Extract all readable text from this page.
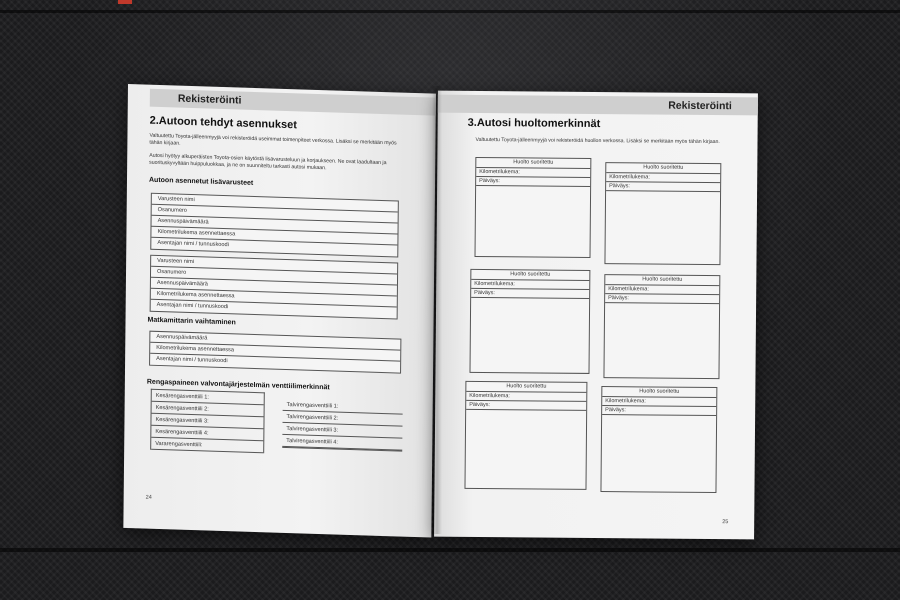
Rekisteröinti
2.Autoon tehdyt asennukset
Valtuutettu Toyota-jälleenmyyjä voi rekisteröidä useimmat toimenpiteet verkossa. Lisäksi se merkitään myös tähän kirjaan.
Autosi hyötyy alkuperäisten Toyota-osien käytöstä lisävarusteluun ja korjaukseen. Ne ovat laadultaan ja suorituskyvyltään huippuluokkaa, ja ne on suunniteltu tarkasti autosi mukaan.
Autoon asennetut lisävarusteet
Varusteen nimi
Osanumero
Asennuspäivämäärä
Kilometrilukema asennettaessa
Asentajan nimi / tunnuskoodi
Varusteen nimi
Osanumero
Asennuspäivämäärä
Kilometrilukema asennettaessa
Asentajan nimi / tunnuskoodi
Matkamittarin vaihtaminen
Asennuspäivämäärä
Kilometrilukema asennettaessa
Asentajan nimi / tunnuskoodi
Rengaspaineen valvontajärjestelmän venttiilimerkinnät
Kesärengasventtiili 1:
Kesärengasventtiili 2:
Kesärengasventtiili 3:
Kesärengasventtiili 4:
Vararengasventtiili:
Talvirengasventtiili 1:
Talvirengasventtiili 2:
Talvirengasventtiili 3:
Talvirengasventtiili 4:
24
Rekisteröinti
3.Autosi huoltomerkinnät
Valtuutettu Toyota-jälleenmyyjä voi rekisteröidä huollon verkossa. Lisäksi se merkitään myös tähän kirjaan.
Huolto suoritettu
Kilometrilukema:
Päiväys:
Huolto suoritettu
Kilometrilukema:
Päiväys:
Huolto suoritettu
Kilometrilukema:
Päiväys:
Huolto suoritettu
Kilometrilukema:
Päiväys:
Huolto suoritettu
Kilometrilukema:
Päiväys:
Huolto suoritettu
Kilometrilukema:
Päiväys:
25
